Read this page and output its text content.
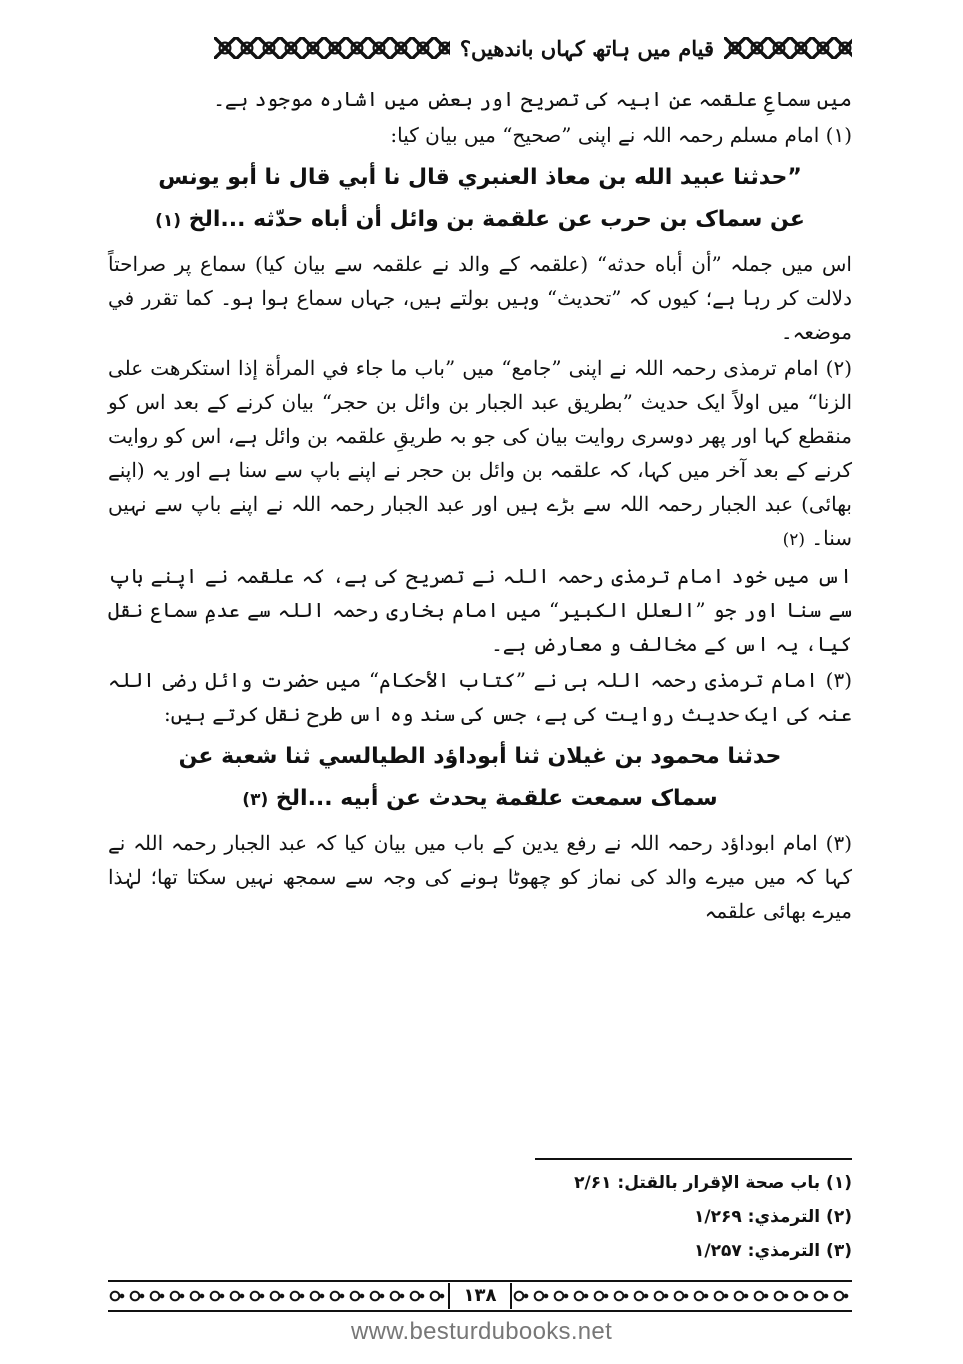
قیام میں ہاتھ کہاں باندھیں؟

میں سماعِ علقمہ عن ابیہ کی تصریح اور بعض میں اشارہ موجود ہے۔

(۱) امام مسلم رحمہ اللہ نے اپنی ”صحیح“ میں بیان کیا:

”حدثنا عبيد الله بن معاذ العنبري قال نا أبي قال نا أبو يونس

عن سماک بن حرب عن علقمة بن وائل أن أباه حدّثه ...الخ (۱)

اس میں جملہ ”أن أباه حدثه“ (علقمہ کے والد نے علقمہ سے بیان کیا) سماع پر صراحتاً دلالت کر رہا ہے؛ کیوں کہ ”تحدیث“ وہیں بولتے ہیں، جہاں سماع ہوا ہو۔ کما تقرر في موضعہ۔

(۲) امام ترمذی رحمہ اللہ نے اپنی ”جامع“ میں ”باب ما جاء في المرأة إذا استکرهت علی الزنا“ میں اولاً ایک حدیث ”بطریق عبد الجبار بن وائل بن حجر“ بیان کرنے کے بعد اس کو منقطع کہا اور پھر دوسری روایت بیان کی جو بہ طریقِ علقمہ بن وائل ہے، اس کو روایت کرنے کے بعد آخر میں کہا، کہ علقمہ بن وائل بن حجر نے اپنے باپ سے سنا ہے اور یہ (اپنے بھائی) عبد الجبار رحمہ اللہ سے بڑے ہیں اور عبد الجبار رحمہ اللہ نے اپنے باپ سے نہیں سنا۔ (۲)

اس میں خود امام ترمذی رحمہ اللہ نے تصریح کی ہے، کہ علقمہ نے اپنے باپ سے سنا اور جو ”العلل الکبیر“ میں امام بخاری رحمہ اللہ سے عدمِ سماع نقل کیا، یہ اس کے مخالف و معارض ہے۔

(۳) امام ترمذی رحمہ اللہ ہی نے ”کتاب الأحکام“ میں حضرت وائل رضی اللہ عنہ کی ایک حدیث روایت کی ہے، جس کی سند وہ اس طرح نقل کرتے ہیں:

حدثنا محمود بن غيلان ثنا أبوداؤد الطيالسي ثنا شعبة عن

سماک سمعت علقمة يحدث عن أبيه ...الخ (۳)

(۳) امام ابوداؤد رحمہ اللہ نے رفع یدین کے باب میں بیان کیا کہ عبد الجبار رحمہ اللہ نے کہا کہ میں میرے والد کی نماز کو چھوٹا ہونے کی وجہ سے سمجھ نہیں سکتا تھا؛ لہٰذا میرے بھائی علقمہ

(۱) باب صحة الإقرار بالقتل: ۲/۶۱
(۲) الترمذي: ۱/۲۶۹
(۳) الترمذي: ۱/۲۵۷
۱۳۸
www.besturdubooks.net
